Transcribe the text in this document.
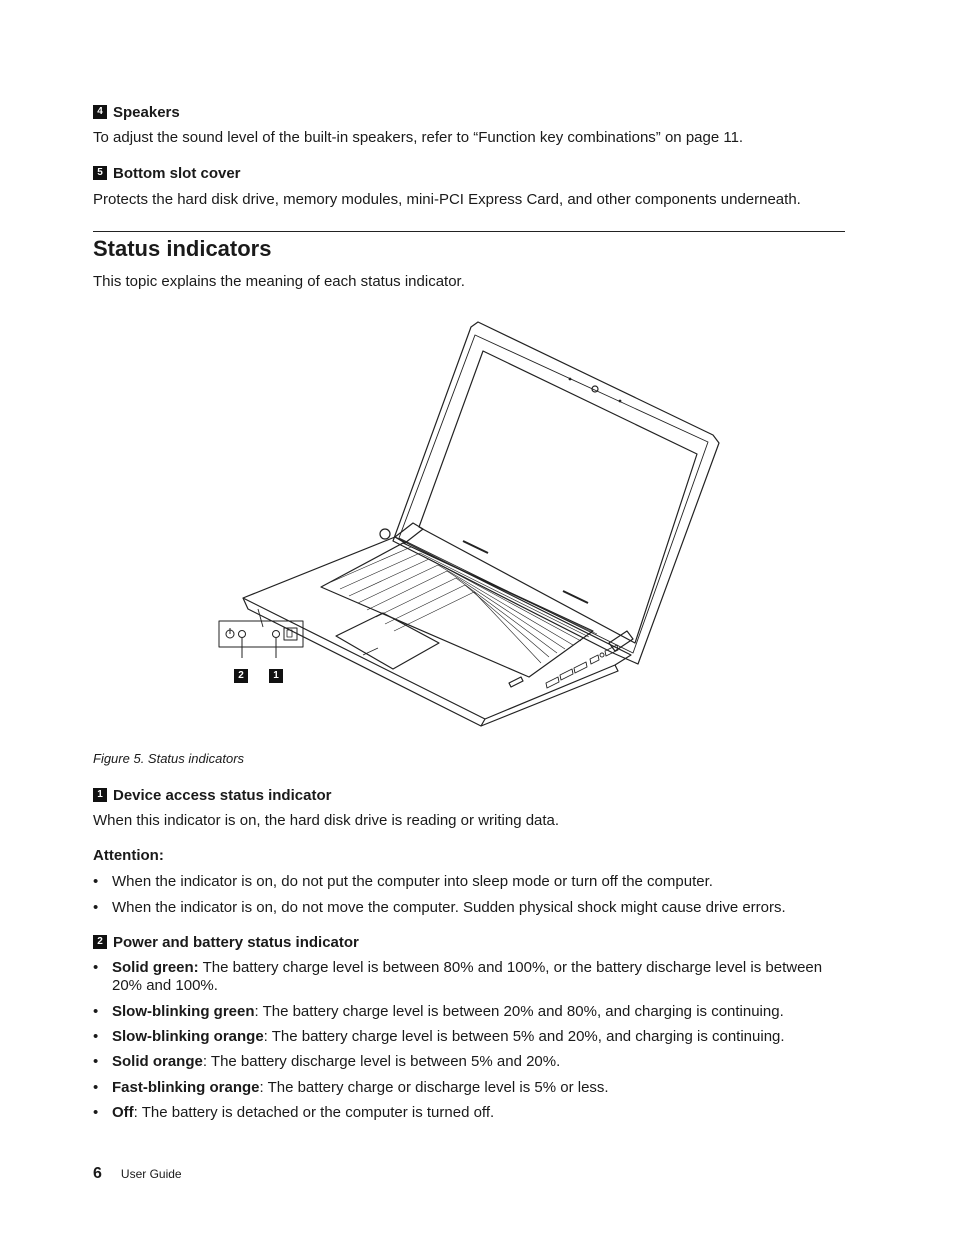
4 Speakers

To adjust the sound level of the built-in speakers, refer to “Function key combinations” on page 11.

5 Bottom slot cover

Protects the hard disk drive, memory modules, mini-PCI Express Card, and other components underneath.

Status indicators

This topic explains the meaning of each status indicator.

2	1
Figure 5. Status indicators
1 Device access status indicator

When this indicator is on, the hard disk drive is reading or writing data.

Attention:
• When the indicator is on, do not put the computer into sleep mode or turn off the computer.
• When the indicator is on, do not move the computer. Sudden physical shock might cause drive errors.
2 Power and battery status indicator
• Solid green: The battery charge level is between 80% and 100%, or the battery discharge level is between 20% and 100%.
• Slow-blinking green: The battery charge level is between 20% and 80%, and charging is continuing.
• Slow-blinking orange: The battery charge level is between 5% and 20%, and charging is continuing.
• Solid orange: The battery discharge level is between 5% and 20%.
• Fast-blinking orange: The battery charge or discharge level is 5% or less.
• Off: The battery is detached or the computer is turned off.
6 User Guide
